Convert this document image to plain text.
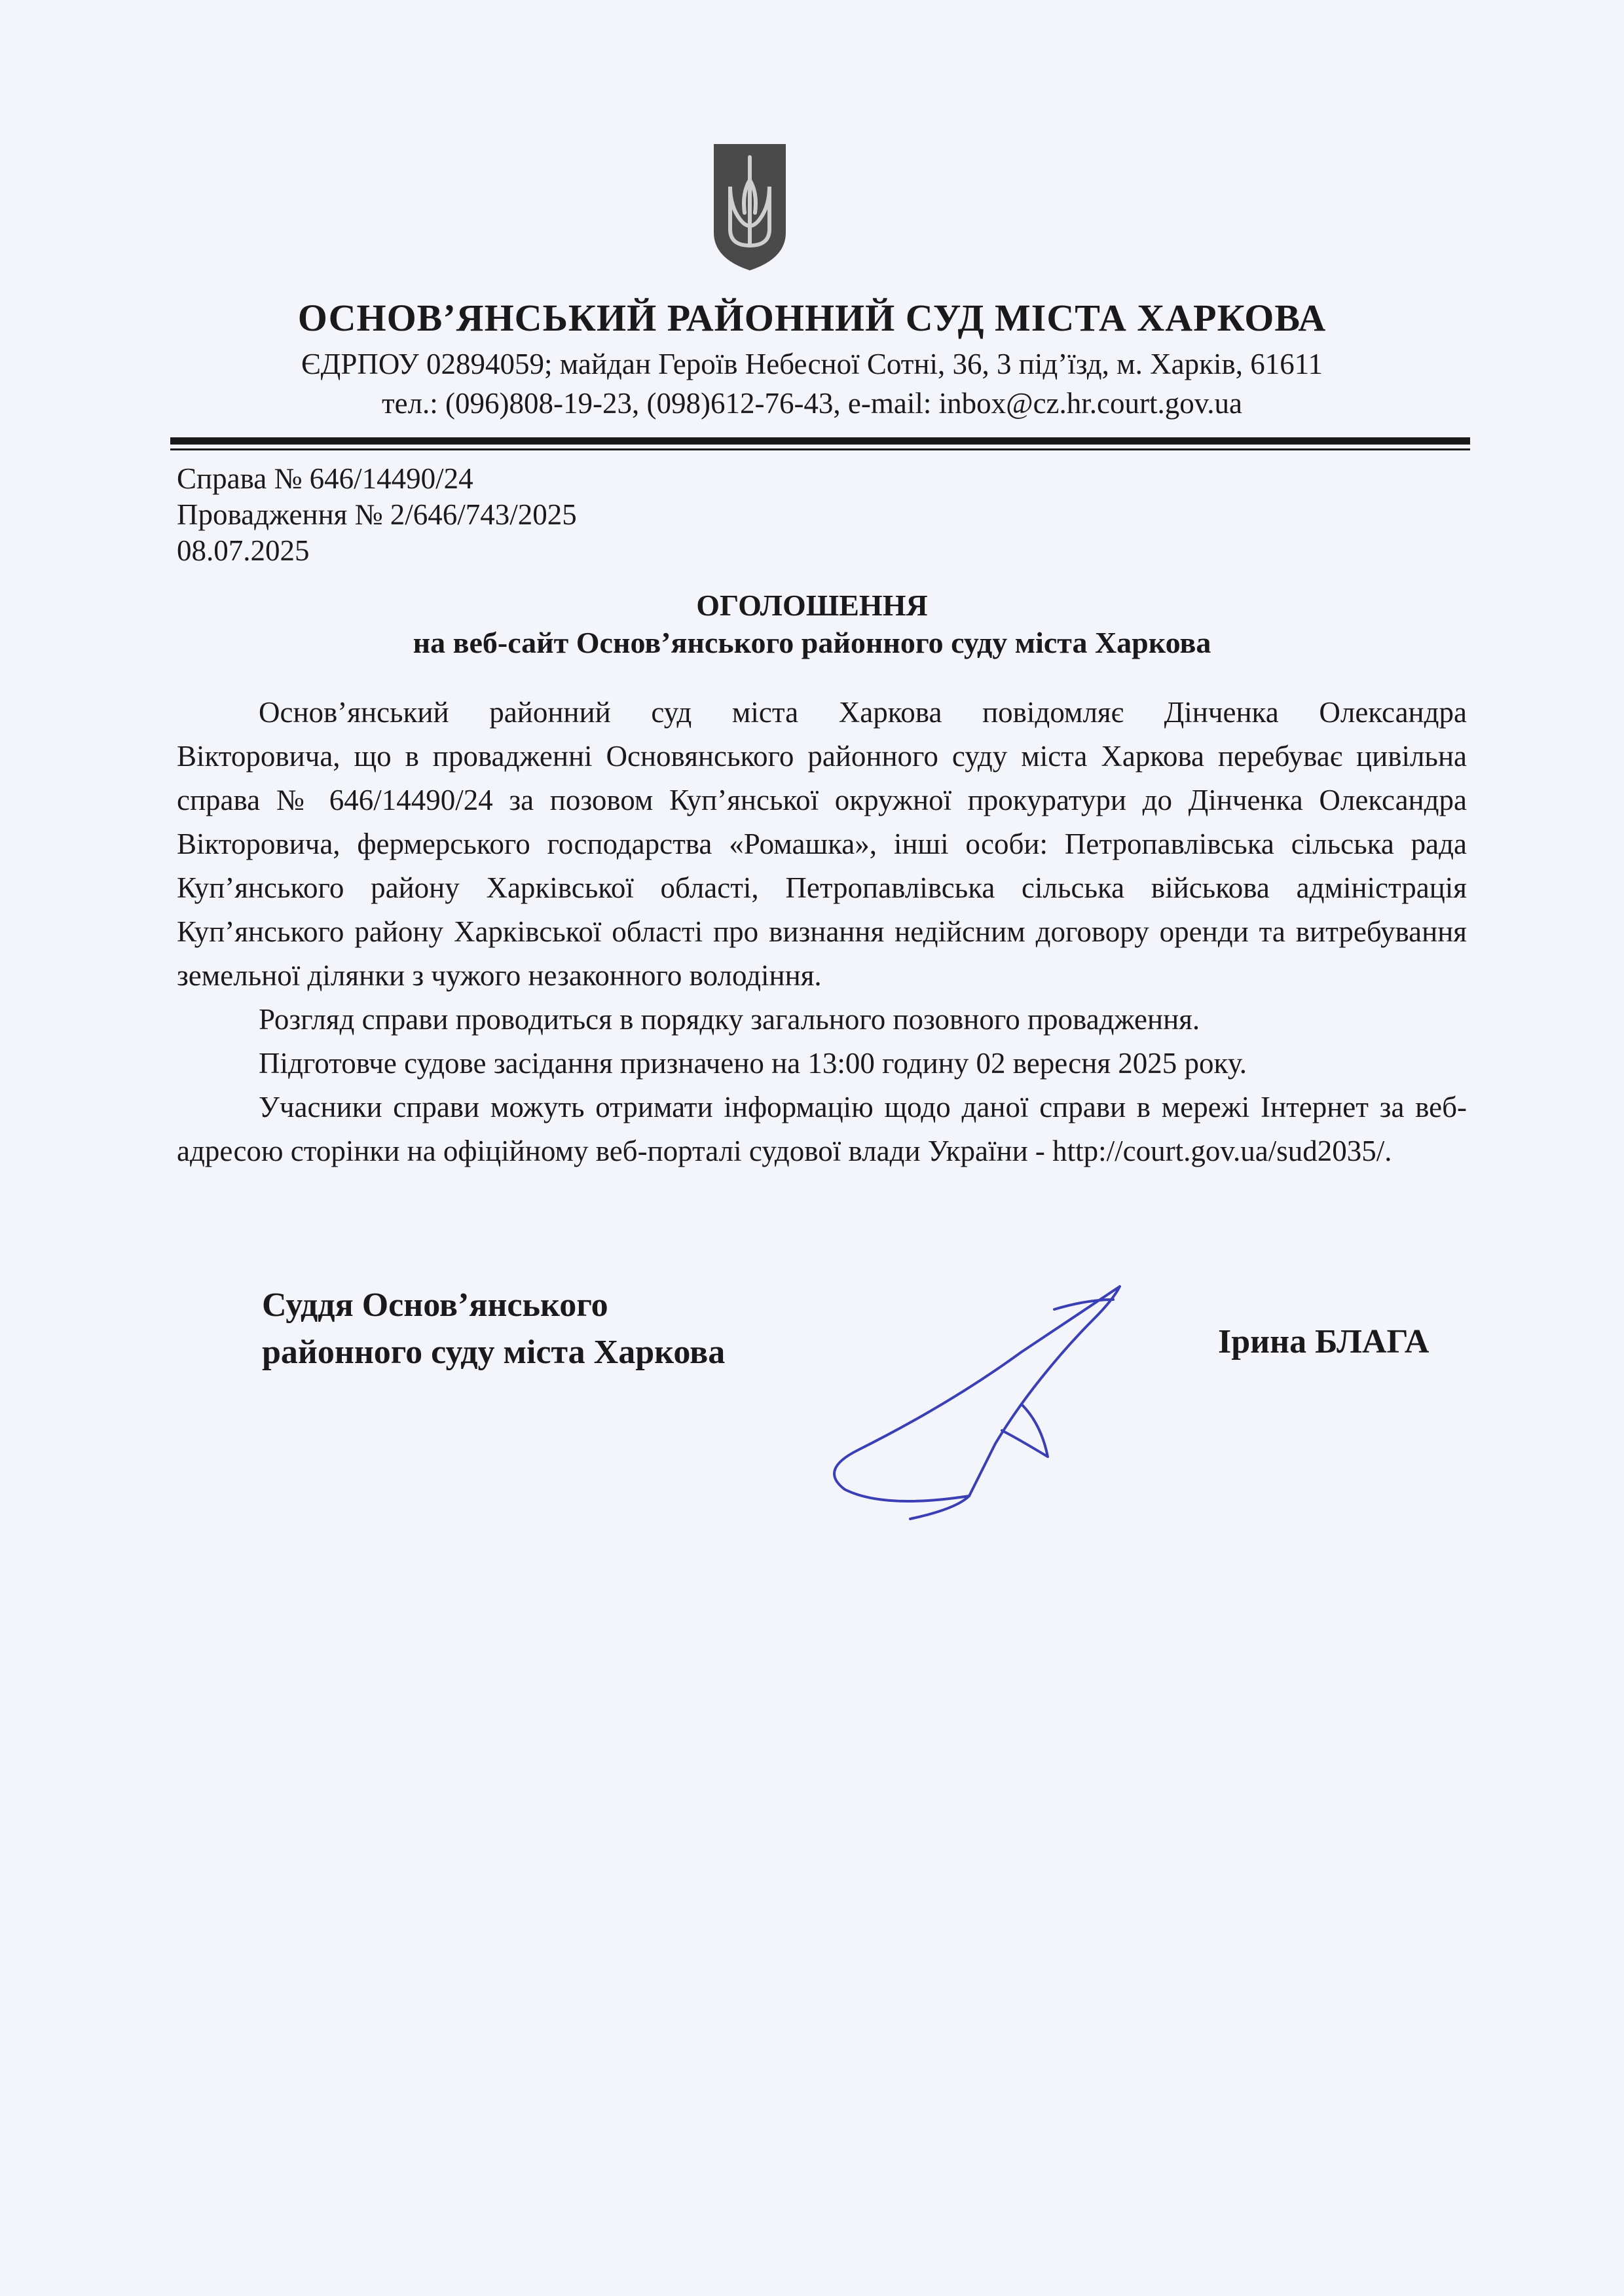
ОСНОВ’ЯНСЬКИЙ РАЙОННИЙ СУД МІСТА ХАРКОВА
ЄДРПОУ 02894059; майдан Героїв Небесної Сотні, 36, 3 під’їзд, м. Харків, 61611
тел.: (096)808-19-23, (098)612-76-43, e-mail: inbox@cz.hr.court.gov.ua
Справа № 646/14490/24
Провадження № 2/646/743/2025
08.07.2025
ОГОЛОШЕННЯ
на веб-сайт Основ’янського районного суду міста Харкова

Основ’янський районний суд міста Харкова повідомляє Дінченка Олександра

Вікторовича, що в провадженні Основянського районного суду міста Харкова перебуває цивільна справа № 646/14490/24 за позовом Куп’янської окружної прокуратури до Дінченка Олександра Вікторовича, фермерського господарства «Ромашка», інші особи: Петропавлівська сільська рада Куп’янського району Харківської області, Петропавлівська сільська військова адміністрація Куп’янського району Харківської області про визнання недійсним договору оренди та витребування земельної ділянки з чужого незаконного володіння.

Розгляд справи проводиться в порядку загального позовного провадження.

Підготовче судове засідання призначено на 13:00 годину 02 вересня 2025 року.

Учасники справи можуть отримати інформацію щодо даної справи в мережі Інтернет за веб-адресою сторінки на офіційному веб-порталі судової влади України - http://court.gov.ua/sud2035/.

Суддя Основ’янського
районного суду міста Харкова	Ірина БЛАГА
